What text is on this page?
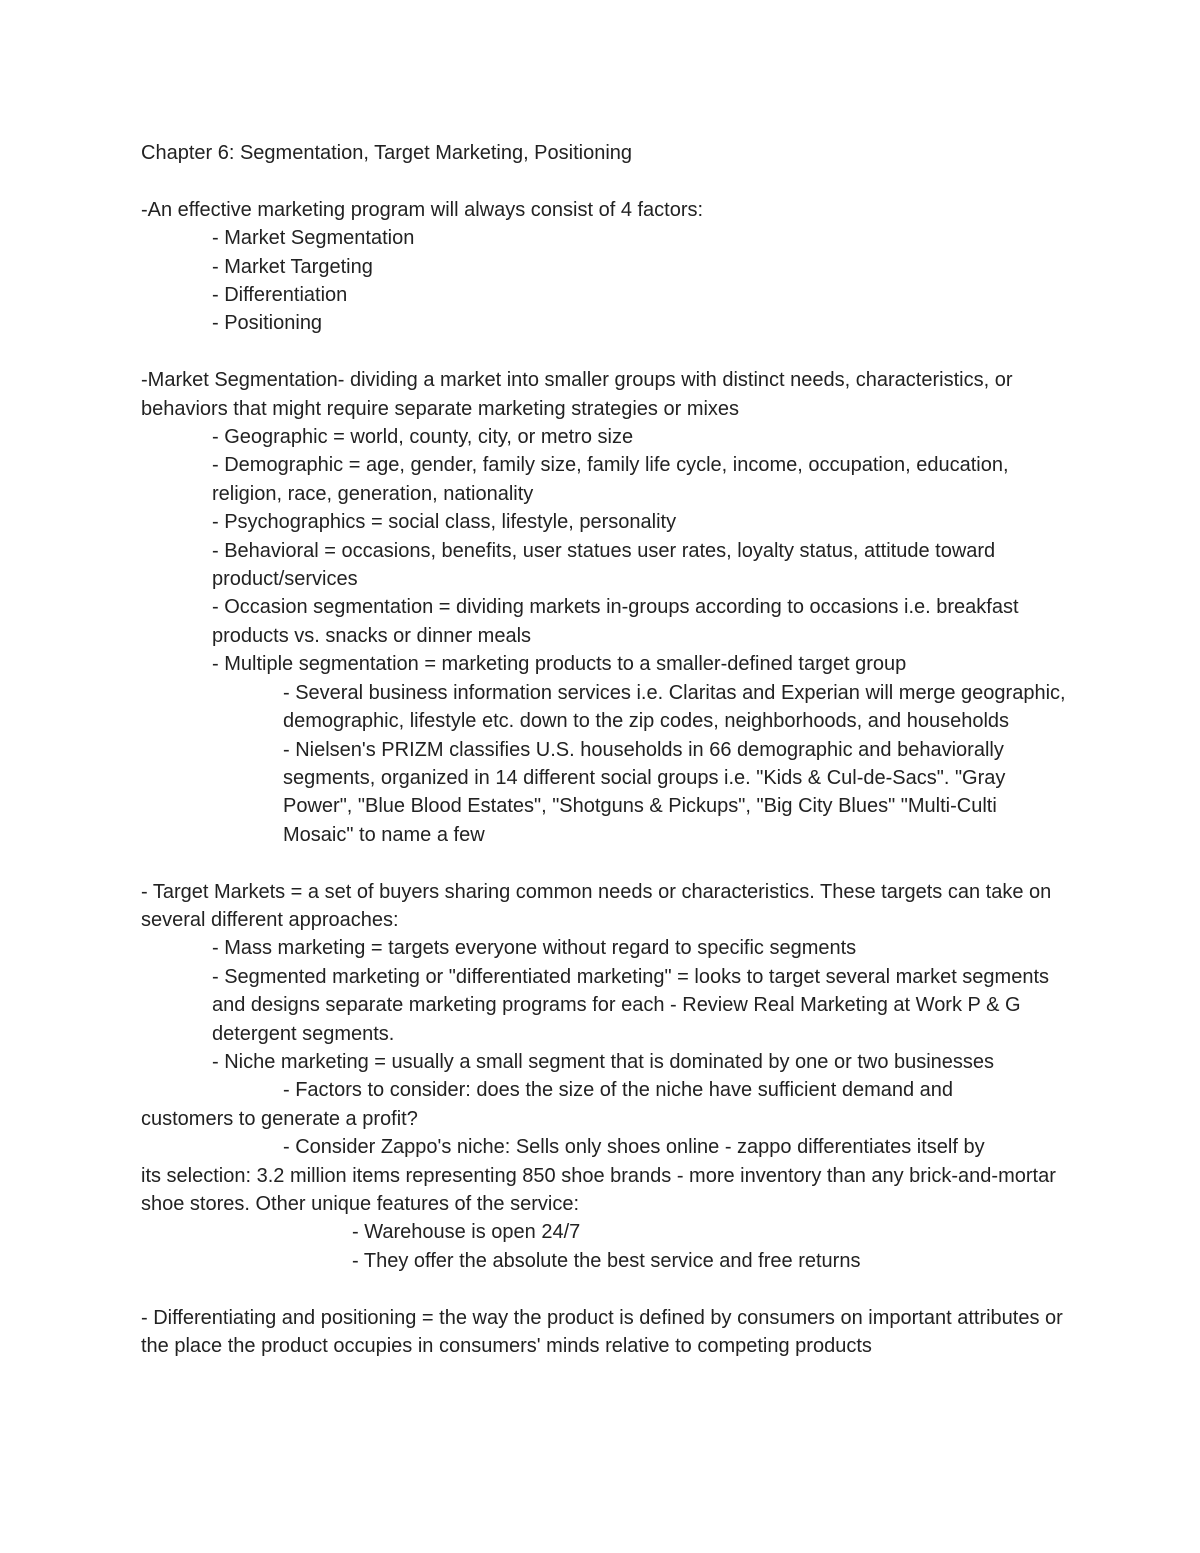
Chapter 6: Segmentation, Target Marketing, Positioning

-An effective marketing program will always consist of 4 factors:

- Market Segmentation

- Market Targeting

- Differentiation

- Positioning

-Market Segmentation- dividing a market into smaller groups with distinct needs, characteristics, or behaviors that might require separate marketing strategies or mixes

- Geographic = world, county, city, or metro size

- Demographic = age, gender, family size, family life cycle, income, occupation, education, religion, race, generation, nationality

- Psychographics = social class, lifestyle, personality

- Behavioral = occasions, benefits, user statues user rates, loyalty status, attitude toward product/services

- Occasion segmentation = dividing markets in-groups according to occasions i.e. breakfast products vs. snacks or dinner meals

- Multiple segmentation = marketing products to a smaller-defined target group

- Several business information services i.e. Claritas and Experian will merge geographic, demographic, lifestyle etc. down to the zip codes, neighborhoods, and households

- Nielsen's PRIZM classifies U.S. households in 66 demographic and behaviorally segments, organized in 14 different social groups i.e. "Kids & Cul-de-Sacs". "Gray Power", "Blue Blood Estates", "Shotguns & Pickups", "Big City Blues" "Multi-Culti Mosaic" to name a few

- Target Markets = a set of buyers sharing common needs or characteristics. These targets can take on several different approaches:

- Mass marketing = targets everyone without regard to specific segments

- Segmented marketing or "differentiated marketing" = looks to target several market segments and designs separate marketing programs for each - Review Real Marketing at Work P & G detergent segments.

- Niche marketing = usually a small segment that is dominated by one or two businesses

- Factors to consider: does the size of the niche have sufficient demand and

customers to generate a profit?

- Consider Zappo's niche: Sells only shoes online - zappo differentiates itself by

its selection: 3.2 million items representing 850 shoe brands - more inventory than any brick-and-mortar shoe stores. Other unique features of the service:

- Warehouse is open 24/7

- They offer the absolute the best service and free returns

- Differentiating and positioning = the way the product is defined by consumers on important attributes or the place the product occupies in consumers' minds relative to competing products
